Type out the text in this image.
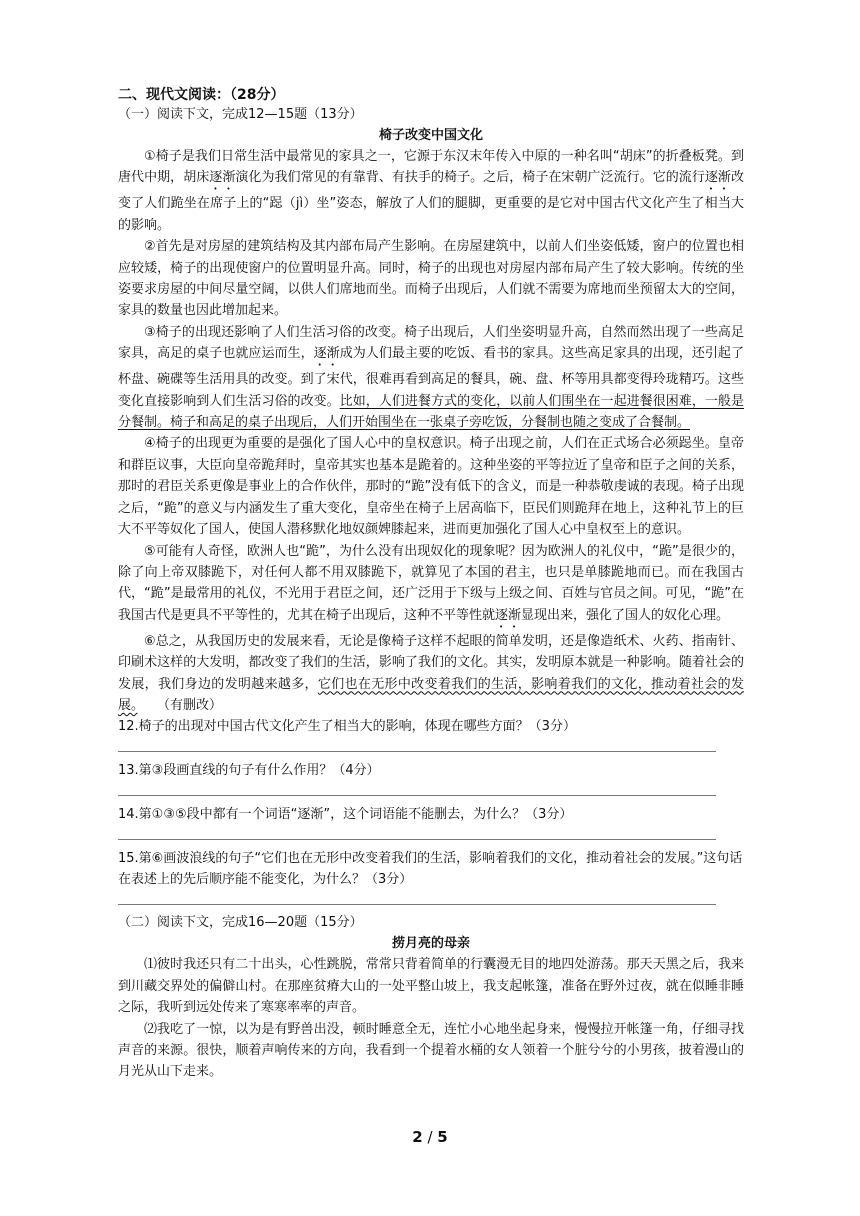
二、现代文阅读：（28分）
（一）阅读下文，完成12—15题（13分）
椅子改变中国文化

①椅子是我们日常生活中最常见的家具之一，它源于东汉末年传入中原的一种名叫“胡床”的折叠板凳。到唐代中期，胡床逐渐演化为我们常见的有靠背、有扶手的椅子。之后，椅子在宋朝广泛流行。它的流行逐渐改变了人们跪坐在席子上的“跽（jì）坐”姿态，解放了人们的腿脚，更重要的是它对中国古代文化产生了相当大的影响。

②首先是对房屋的建筑结构及其内部布局产生影响。在房屋建筑中，以前人们坐姿低矮，窗户的位置也相应较矮，椅子的出现使窗户的位置明显升高。同时，椅子的出现也对房屋内部布局产生了较大影响。传统的坐姿要求房屋的中间尽量空阔，以供人们席地而坐。而椅子出现后，人们就不需要为席地而坐预留太大的空间，家具的数量也因此增加起来。

③椅子的出现还影响了人们生活习俗的改变。椅子出现后，人们坐姿明显升高，自然而然出现了一些高足家具，高足的桌子也就应运而生，逐渐成为人们最主要的吃饭、看书的家具。这些高足家具的出现，还引起了杯盘、碗碟等生活用具的改变。到了宋代，很难再看到高足的餐具，碗、盘、杯等用具都变得玲珑精巧。这些变化直接影响到人们生活习俗的改变。比如，人们进餐方式的变化，以前人们围坐在一起进餐很困难，一般是分餐制。椅子和高足的桌子出现后，人们开始围坐在一张桌子旁吃饭，分餐制也随之变成了合餐制。

④椅子的出现更为重要的是强化了国人心中的皇权意识。椅子出现之前，人们在正式场合必须跽坐。皇帝和群臣议事，大臣向皇帝跪拜时，皇帝其实也基本是跪着的。这种坐姿的平等拉近了皇帝和臣子之间的关系，那时的君臣关系更像是事业上的合作伙伴，那时的“跪”没有低下的含义，而是一种恭敬虔诚的表现。椅子出现之后，“跪”的意义与内涵发生了重大变化，皇帝坐在椅子上居高临下，臣民们则跪拜在地上，这种礼节上的巨大不平等奴化了国人，使国人潜移默化地奴颜婢膝起来，进而更加强化了国人心中皇权至上的意识。

⑤可能有人奇怪，欧洲人也“跪”，为什么没有出现奴化的现象呢？因为欧洲人的礼仪中，“跪”是很少的，除了向上帝双膝跪下，对任何人都不用双膝跪下，就算见了本国的君主，也只是单膝跪地而已。而在我国古代，“跪”是最常用的礼仪，不光用于君臣之间，还广泛用于下级与上级之间、百姓与官员之间。可见，“跪”在我国古代是更具不平等性的，尤其在椅子出现后，这种不平等性就逐渐显现出来，强化了国人的奴化心理。

⑥总之，从我国历史的发展来看，无论是像椅子这样不起眼的简单发明，还是像造纸术、火药、指南针、印刷术这样的大发明，都改变了我们的生活，影响了我们的文化。其实，发明原本就是一种影响。随着社会的发展，我们身边的发明越来越多，它们也在无形中改变着我们的生活，影响着我们的文化，推动着社会的发展。　　 （有删改）

12.椅子的出现对中国古代文化产生了相当大的影响，体现在哪些方面？（3分）

13.第③段画直线的句子有什么作用？（4分）

14.第①③⑤段中都有一个词语“逐渐”，这个词语能不能删去，为什么？（3分）

15.第⑥画波浪线的句子“它们也在无形中改变着我们的生活，影响着我们的文化，推动着社会的发展。”这句话在表述上的先后顺序能不能变化，为什么？（3分）

（二）阅读下文，完成16—20题（15分）
捞月亮的母亲

⑴彼时我还只有二十出头，心性跳脱，常常只背着简单的行囊漫无目的地四处游荡。那天天黑之后，我来到川藏交界处的偏僻山村。在那座贫瘠大山的一处平整山坡上，我支起帐篷，准备在野外过夜，就在似睡非睡之际，我听到远处传来了寒寒率率的声音。

⑵我吃了一惊，以为是有野兽出没，顿时睡意全无，连忙小心地坐起身来，慢慢拉开帐篷一角，仔细寻找声音的来源。很快，顺着声响传来的方向，我看到一个提着水桶的女人领着一个脏兮兮的小男孩，披着漫山的月光从山下走来。

2 / 5
